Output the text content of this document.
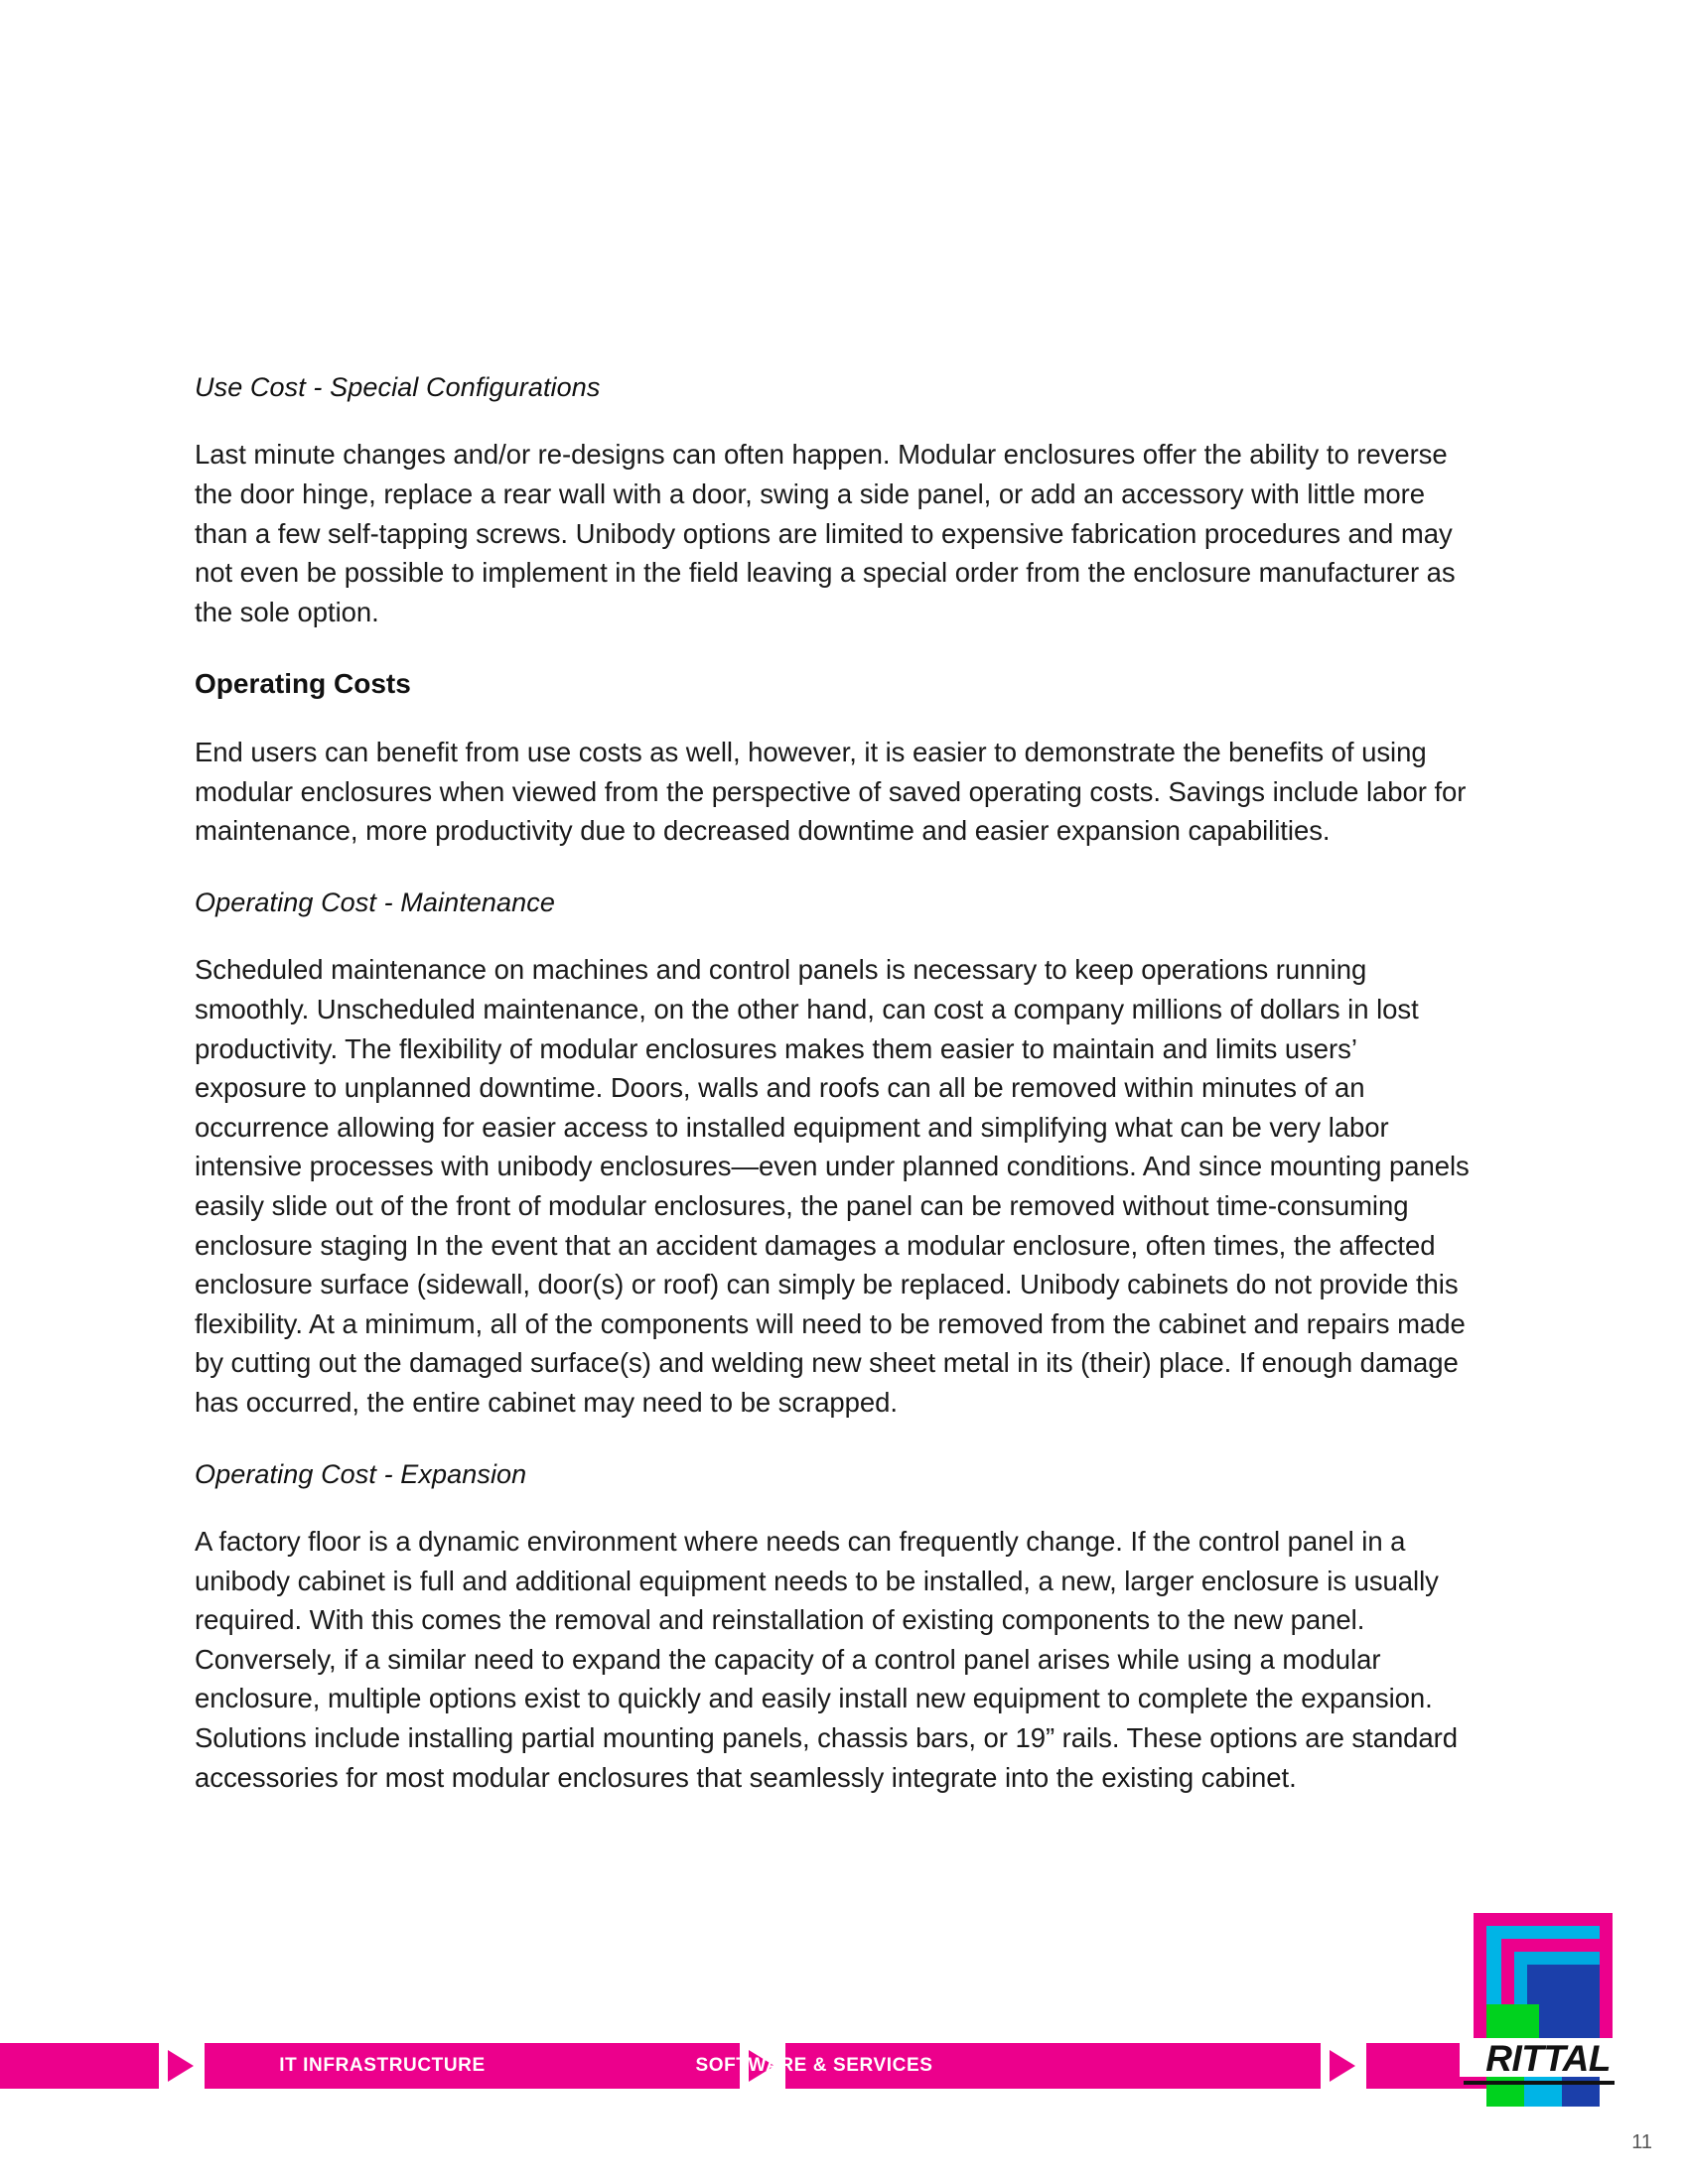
Use Cost - Special Configurations

Last minute changes and/or re-designs can often happen. Modular enclosures offer the ability to reverse the door hinge, replace a rear wall with a door, swing a side panel, or add an accessory with little more than a few self-tapping screws. Unibody options are limited to expensive fabrication procedures and may not even be possible to implement in the field leaving a special order from the enclosure manufacturer as the sole option.

Operating Costs

End users can benefit from use costs as well, however, it is easier to demonstrate the benefits of using modular enclosures when viewed from the perspective of saved operating costs. Savings include labor for maintenance, more productivity due to decreased downtime and easier expansion capabilities.

Operating Cost - Maintenance

Scheduled maintenance on machines and control panels is necessary to keep operations running smoothly. Unscheduled maintenance, on the other hand, can cost a company millions of dollars in lost productivity. The flexibility of modular enclosures makes them easier to maintain and limits users’ exposure to unplanned downtime. Doors, walls and roofs can all be removed within minutes of an occurrence allowing for easier access to installed equipment and simplifying what can be very labor intensive processes with unibody enclosures—even under planned conditions. And since mounting panels easily slide out of the front of modular enclosures, the panel can be removed without time-consuming enclosure staging In the event that an accident damages a modular enclosure, often times, the affected enclosure surface (sidewall, door(s) or roof) can simply be replaced. Unibody cabinets do not provide this flexibility. At a minimum, all of the components will need to be removed from the cabinet and repairs made by cutting out the damaged surface(s) and welding new sheet metal in its (their) place. If enough damage has occurred, the entire cabinet may need to be scrapped.

Operating Cost - Expansion

A factory floor is a dynamic environment where needs can frequently change. If the control panel in a unibody cabinet is full and additional equipment needs to be installed, a new, larger enclosure is usually required. With this comes the removal and reinstallation of existing components to the new panel. Conversely, if a similar need to expand the capacity of a control panel arises while using a modular enclosure, multiple options exist to quickly and easily install new equipment to complete the expansion. Solutions include installing partial mounting panels, chassis bars, or 19” rails. These options are standard accessories for most modular enclosures that seamlessly integrate into the existing cabinet.

IT INFRASTRUCTURE	SOFTWARE & SERVICES	RITTAL
11
